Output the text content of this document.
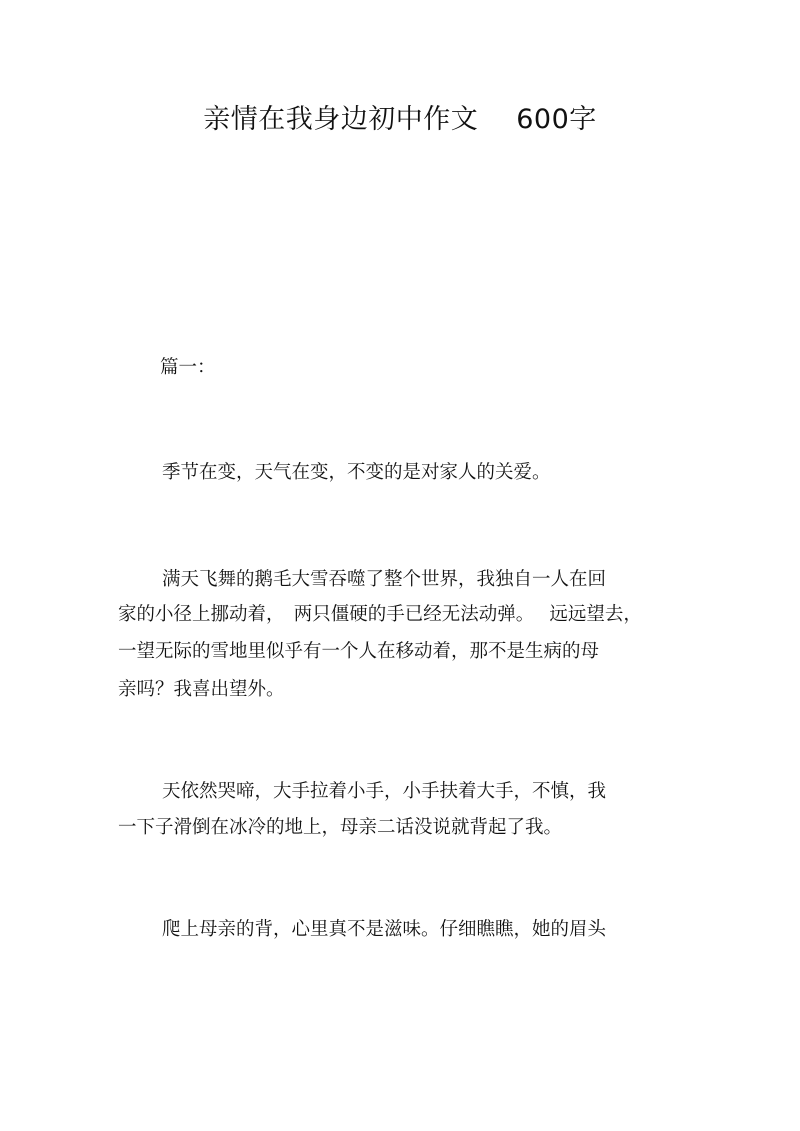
亲情在我身边初中作文 600字
篇一：
季节在变，天气在变，不变的是对家人的关爱。
满天飞舞的鹅毛大雪吞噬了整个世界，我独自一人在回
家的小径上挪动着，　两只僵硬的手已经无法动弹。　 远远望去，
一望无际的雪地里似乎有一个人在移动着，那不是生病的母
亲吗？我喜出望外。
天依然哭啼，大手拉着小手，小手扶着大手，不慎，我
一下子滑倒在冰冷的地上，母亲二话没说就背起了我。
爬上母亲的背，心里真不是滋味。仔细瞧瞧，她的眉头
